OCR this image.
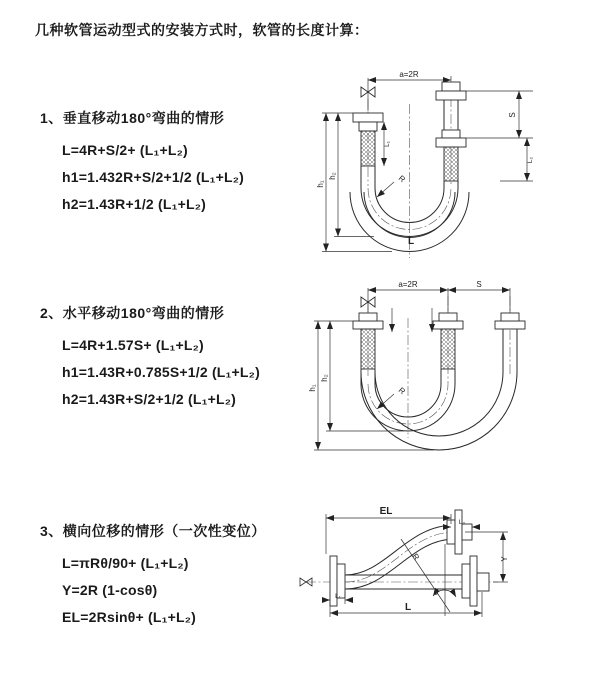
几种软管运动型式的安装方式时，软管的长度计算：
1、垂直移动180°弯曲的情形
L=4R+S/2+ (L₁+L₂)
h1=1.432R+S/2+1/2 (L₁+L₂)
h2=1.43R+1/2 (L₁+L₂)
2、水平移动180°弯曲的情形
L=4R+1.57S+ (L₁+L₂)
h1=1.43R+0.785S+1/2 (L₁+L₂)
h2=1.43R+S/2+1/2 (L₁+L₂)
3、横向位移的情形（一次性变位）
L=πRθ/90+ (L₁+L₂)
Y=2R (1-cosθ)
EL=2Rsinθ+ (L₁+L₂)
a=2R
h₁
h₂
L₁
S
L₂
R
L
a=2R	S
h₁
h₂
R
θ
R
EL
L₂
Y
L₁
L
